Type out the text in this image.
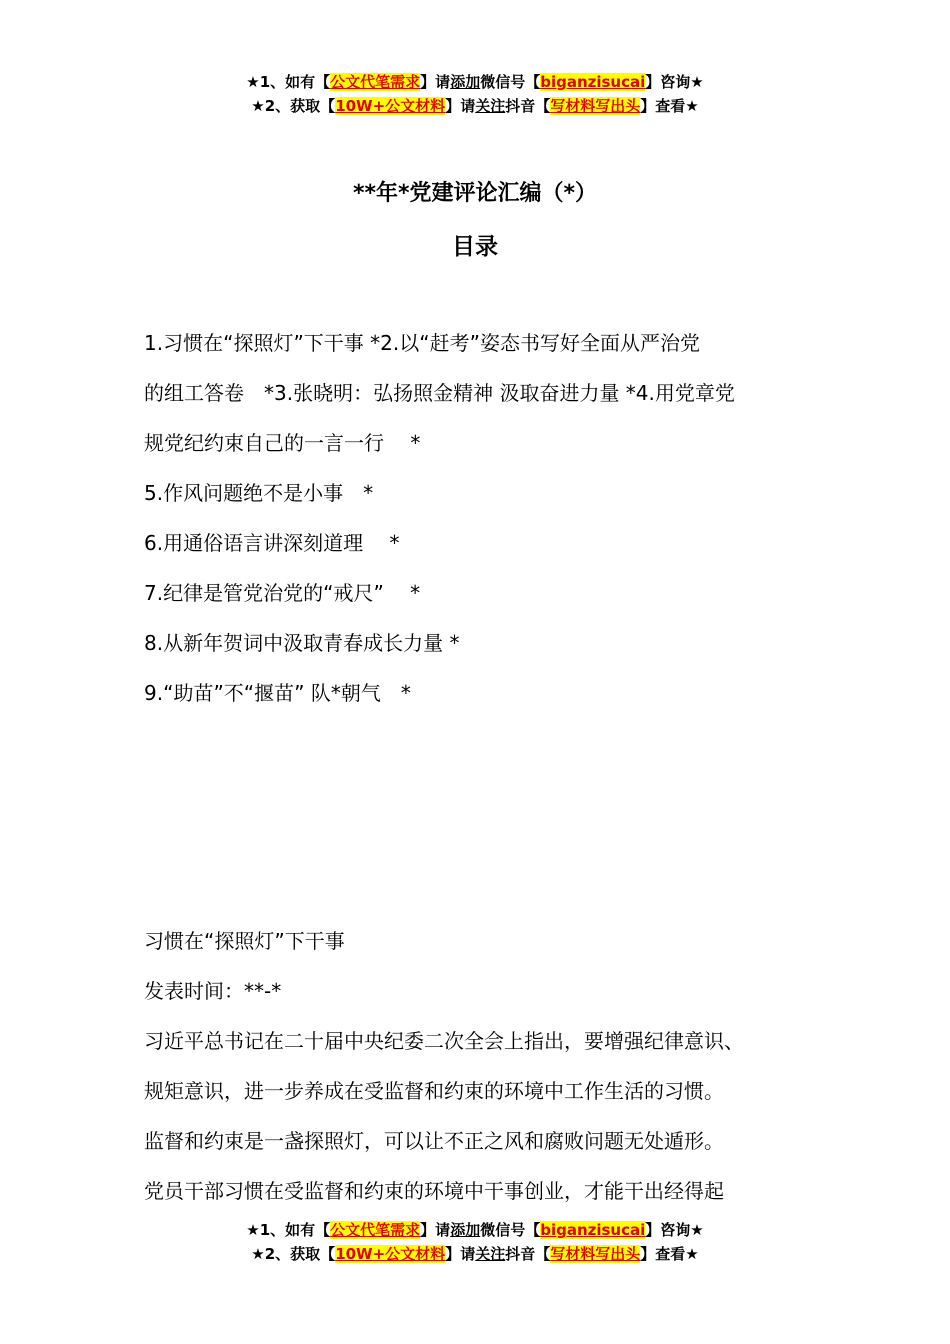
★1、如有【公文代笔需求】请添加微信号【biganzisucai】咨询★
★2、获取【10W+公文材料】请关注抖音【写材料写出头】查看★
**年*党建评论汇编（*）
目录
1.习惯在“探照灯”下干事 *2.以“赶考”姿态书写好全面从严治党
的组工答卷　*3.张晓明：弘扬照金精神 汲取奋进力量 *4.用党章党
规党纪约束自己的一言一行　 *
5.作风问题绝不是小事　*
6.用通俗语言讲深刻道理　 *
7.纪律是管党治党的“戒尺”　 *
8.从新年贺词中汲取青春成长力量 *
9.“助苗”不“揠苗” 队*朝气　*
习惯在“探照灯”下干事
发表时间：**-*
习近平总书记在二十届中央纪委二次全会上指出，要增强纪律意识、
规矩意识，进一步养成在受监督和约束的环境中工作生活的习惯。
监督和约束是一盏探照灯，可以让不正之风和腐败问题无处遁形。
党员干部习惯在受监督和约束的环境中干事创业，才能干出经得起
★1、如有【公文代笔需求】请添加微信号【biganzisucai】咨询★
★2、获取【10W+公文材料】请关注抖音【写材料写出头】查看★
